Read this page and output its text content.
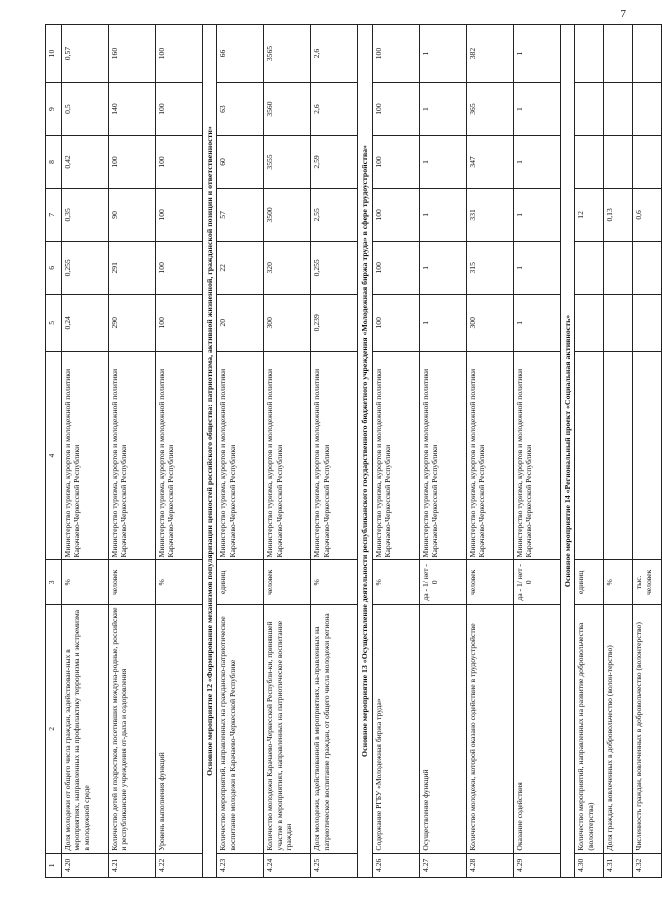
7
1	2	3	4	5	6	7	8	9	10
4.20	Доля молодежи от общего числа граждан, задействован-ных в мероприятиях, направленных на профилактику терроризма и экстремизма в молодежной среде	%	Министерство туризма, курортов и молодежной политики Карачаево-Черкесской Республики	0,24	0,255	0,35	0,42	0,5	0,57
4.21	Количество детей и подростков, посетивших междуна-родные, российские и республиканские учреждения от-дыха и оздоровления	человек	Министерство туризма, курортов и молодежной политики Карачаево-Черкесской Республики	290	291	90	100	140	160
4.22	Уровень выполнения функций	%	Министерство туризма, курортов и молодежной политики Карачаево-Черкесской Республики	100	100	100	100	100	100
Основное мероприятие 12 «Формирование механизмов популяризации ценностей российского общества: патриотизма, активной жизненной, гражданской позиции и ответственности»									
4.23	Количество мероприятий, направленных на гражданско-патриотическое воспитание молодежи в Карачаево-Черкесской Республике	единиц	Министерство туризма, курортов и молодежной политики Карачаево-Черкесской Республики	20	22	57	60	63	66
4.24	Количество молодежи Карачаево-Черкесской Республи-ки, принявшей участие в мероприятиях, направленных на патриотическое воспитание граждан	человек	Министерство туризма, курортов и молодежной политики Карачаево-Черкесской Республики	300	320	3500	3555	3560	3565
4.25	Доля молодежи, задействованной в мероприятиях, на-правленных на патриотическое воспитание граждан, от общего числа молодежи региона	%	Министерство туризма, курортов и молодежной политики Карачаево-Черкесской Республики	0,239	0,255	2,55	2,59	2,6	2,6
Основное мероприятие 13 «Осуществление деятельности республиканского государственного бюджетного учреждения «Молодежная биржа труда» в сфере трудоустройства»									
4.26	Содержание РГБУ «Молодежная биржа труда»	%	Министерство туризма, курортов и молодежной политики Карачаево-Черкесской Республики	100	100	100	100	100	100
4.27	Осуществление функций	да - 1/ нет - 0	Министерство туризма, курортов и молодежной политики Карачаево-Черкесской Республики	1	1	1	1	1	1
4.28	Количество молодежи, которой оказано содействие в трудоустройстве	человек	Министерство туризма, курортов и молодежной политики Карачаево-Черкесской Республики	300	315	331	347	365	382
4.29	Оказание содействия	да - 1/ нет - 0	Министерство туризма, курортов и молодежной политики Карачаево-Черкесской Республики	1	1	1	1	1	1
Основное мероприятие 14 «Региональный проект «Социальная активность»									
4.30	Количество мероприятий, направленных на развитие добровольчества (волонтерства)	единиц				12			
4.31	Доля граждан, вовлеченных в добровольчество (волон-терство)	%				0,13			
4.32	Численность граждан, вовлеченных в добровольчество (волонтерство)	тыс. человек				0,6			
